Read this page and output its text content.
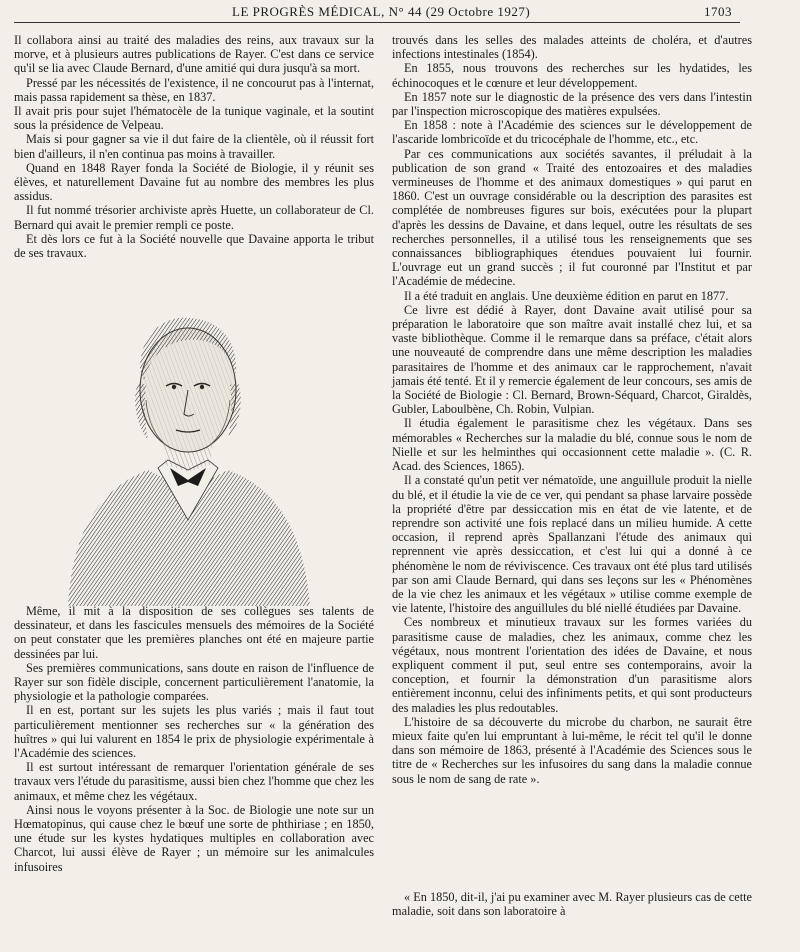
LE PROGRÈS MÉDICAL, N° 44 (29 Octobre 1927)	1703

Il collabora ainsi au traité des maladies des reins, aux travaux sur la morve, et à plusieurs autres publications de Rayer. C'est dans ce service qu'il se lia avec Claude Bernard, d'une amitié qui dura jusqu'à sa mort.

Pressé par les nécessités de l'existence, il ne concourut pas à l'internat, mais passa rapidement sa thèse, en 1837.

Il avait pris pour sujet l'hématocèle de la tunique vaginale, et la soutint sous la présidence de Velpeau.

Mais si pour gagner sa vie il dut faire de la clientèle, où il réussit fort bien d'ailleurs, il n'en continua pas moins à travailler.

Quand en 1848 Rayer fonda la Société de Biologie, il y réunit ses élèves, et naturellement Davaine fut au nombre des membres les plus assidus.

Il fut nommé trésorier archiviste après Huette, un collaborateur de Cl. Bernard qui avait le premier rempli ce poste.

Et dès lors ce fut à la Société nouvelle que Davaine apporta le tribut de ses travaux.

Même, il mit à la disposition de ses collègues ses talents de dessinateur, et dans les fascicules mensuels des mémoires de la Société on peut constater que les premières planches ont été en majeure partie dessinées par lui.

Ses premières communications, sans doute en raison de l'influence de Rayer sur son fidèle disciple, concernent particulièrement l'anatomie, la physiologie et la pathologie comparées.

Il en est, portant sur les sujets les plus variés ; mais il faut tout particulièrement mentionner ses recherches sur « la génération des huîtres » qui lui valurent en 1854 le prix de physiologie expérimentale à l'Académie des sciences.

Il est surtout intéressant de remarquer l'orientation générale de ses travaux vers l'étude du parasitisme, aussi bien chez l'homme que chez les animaux, et même chez les végétaux.

Ainsi nous le voyons présenter à la Soc. de Biologie une note sur un Hœmatopinus, qui cause chez le bœuf une sorte de phthiriase ; en 1850, une étude sur les kystes hydatiques multiples en collaboration avec Charcot, lui aussi élève de Rayer ; un mémoire sur les animalcules infusoires

trouvés dans les selles des malades atteints de choléra, et d'autres infections intestinales (1854).

En 1855, nous trouvons des recherches sur les hydatides, les échinocoques et le cœnure et leur développement.

En 1857 note sur le diagnostic de la présence des vers dans l'intestin par l'inspection microscopique des matières expulsées.

En 1858 : note à l'Académie des sciences sur le développement de l'ascaride lombricoïde et du tricocéphale de l'homme, etc., etc.

Par ces communications aux sociétés savantes, il préludait à la publication de son grand « Traité des entozoaires et des maladies vermineuses de l'homme et des animaux domestiques » qui parut en 1860. C'est un ouvrage considérable ou la description des parasites est complétée de nombreuses figures sur bois, exécutées pour la plupart d'après les dessins de Davaine, et dans lequel, outre les résultats de ses recherches personnelles, il a utilisé tous les renseignements que ses connaissances bibliographiques étendues pouvaient lui fournir. L'ouvrage eut un grand succès ; il fut couronné par l'Institut et par l'Académie de médecine.

Il a été traduit en anglais. Une deuxième édition en parut en 1877.

Ce livre est dédié à Rayer, dont Davaine avait utilisé pour sa préparation le laboratoire que son maître avait installé chez lui, et sa vaste bibliothèque. Comme il le remarque dans sa préface, c'était alors une nouveauté de comprendre dans une même description les maladies parasitaires de l'homme et des animaux car le rapprochement, n'avait jamais été tenté. Et il y remercie également de leur concours, ses amis de la Société de Biologie : Cl. Bernard, Brown-Séquard, Charcot, Giraldès, Gubler, Laboulbène, Ch. Robin, Vulpian.

Il étudia également le parasitisme chez les végétaux. Dans ses mémorables « Recherches sur la maladie du blé, connue sous le nom de Nielle et sur les helminthes qui occasionnent cette maladie ». (C. R. Acad. des Sciences, 1865).

Il a constaté qu'un petit ver nématoïde, une anguillule produit la nielle du blé, et il étudie la vie de ce ver, qui pendant sa phase larvaire possède la propriété d'être par dessiccation mis en état de vie latente, et de reprendre son activité une fois replacé dans un milieu humide. A cette occasion, il reprend après Spallanzani l'étude des animaux qui reprennent vie après dessiccation, et c'est lui qui a donné à ce phénomène le nom de réviviscence. Ces travaux ont été plus tard utilisés par son ami Claude Bernard, qui dans ses leçons sur les « Phénomènes de la vie chez les animaux et les végétaux » utilise comme exemple de vie latente, l'histoire des anguillules du blé niellé étudiées par Davaine.

Ces nombreux et minutieux travaux sur les formes variées du parasitisme cause de maladies, chez les animaux, comme chez les végétaux, nous montrent l'orientation des idées de Davaine, et nous expliquent comment il put, seul entre ses contemporains, avoir la conception, et fournir la démonstration d'un parasitisme alors entièrement inconnu, celui des infiniments petits, et qui sont producteurs des maladies les plus redoutables.

L'histoire de sa découverte du microbe du charbon, ne saurait être mieux faite qu'en lui empruntant à lui-même, le récit tel qu'il le donne dans son mémoire de 1863, présenté à l'Académie des Sciences sous le titre de « Recherches sur les infusoires du sang dans la maladie connue sous le nom de sang de rate ».

« En 1850, dit-il, j'ai pu examiner avec M. Rayer plusieurs cas de cette maladie, soit dans son laboratoire à
